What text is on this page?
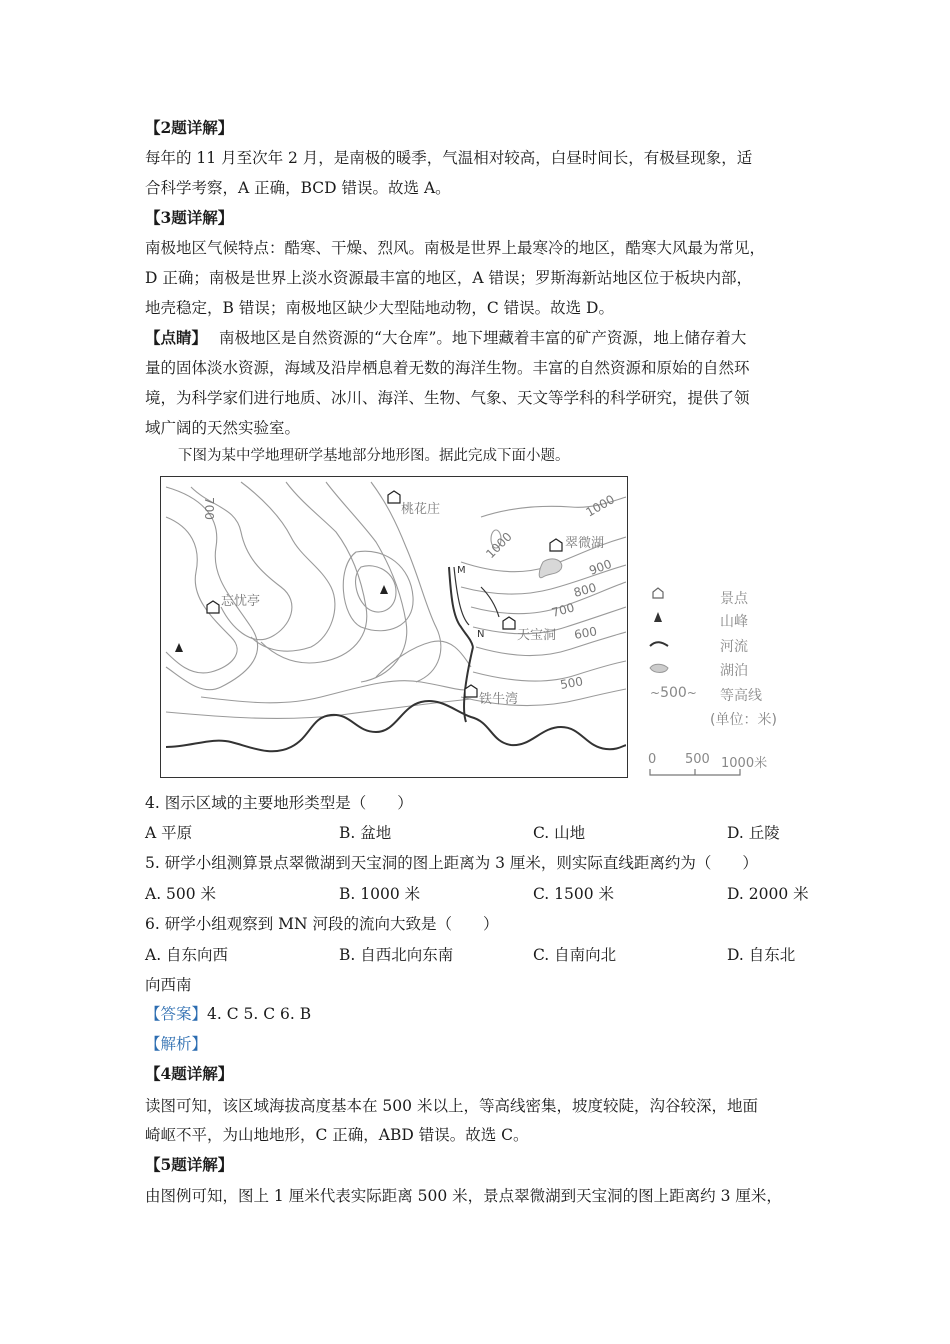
【2题详解】
每年的 11 月至次年 2 月，是南极的暖季，气温相对较高，白昼时间长，有极昼现象，适
合科学考察，A 正确，BCD 错误。故选 A。
【3题详解】
南极地区气候特点：酷寒、干燥、烈风。南极是世界上最寒冷的地区，酷寒大风最为常见，
D 正确；南极是世界上淡水资源最丰富的地区，A 错误；罗斯海新站地区位于板块内部，
地壳稳定，B 错误；南极地区缺少大型陆地动物，C 错误。故选 D。
【点睛】 南极地区是自然资源的“大仓库”。地下埋藏着丰富的矿产资源，地上储存着大
量的固体淡水资源，海域及沿岸栖息着无数的海洋生物。丰富的自然资源和原始的自然环
境，为科学家们进行地质、冰川、海洋、生物、气象、天文等学科的科学研究，提供了领
域广阔的天然实验室。
下图为某中学地理研学基地部分地形图。据此完成下面小题。
桃花庄
翠微湖
忘忧亭
天宝洞
铁牛湾
700	1000
1000
900
800
700
600
500
M
N
景点
山峰
河流
湖泊
~500~ 等高线
(单位：米)
0 500 1000米
4. 图示区域的主要地形类型是（　　）
A 平原	B. 盆地	C. 山地	D. 丘陵
5. 研学小组测算景点翠微湖到天宝洞的图上距离为 3 厘米，则实际直线距离约为（　　）
A. 500 米	B. 1000 米	C. 1500 米	D. 2000 米
6. 研学小组观察到 MN 河段的流向大致是（　　）
A. 自东向西	B. 自西北向东南	C. 自南向北	D. 自东北
向西南
【答案】4. C 5. C 6. B
【解析】
【4题详解】
读图可知，该区域海拔高度基本在 500 米以上，等高线密集，坡度较陡，沟谷较深，地面
崎岖不平，为山地地形，C 正确，ABD 错误。故选 C。
【5题详解】
由图例可知，图上 1 厘米代表实际距离 500 米，景点翠微湖到天宝洞的图上距离约 3 厘米，
